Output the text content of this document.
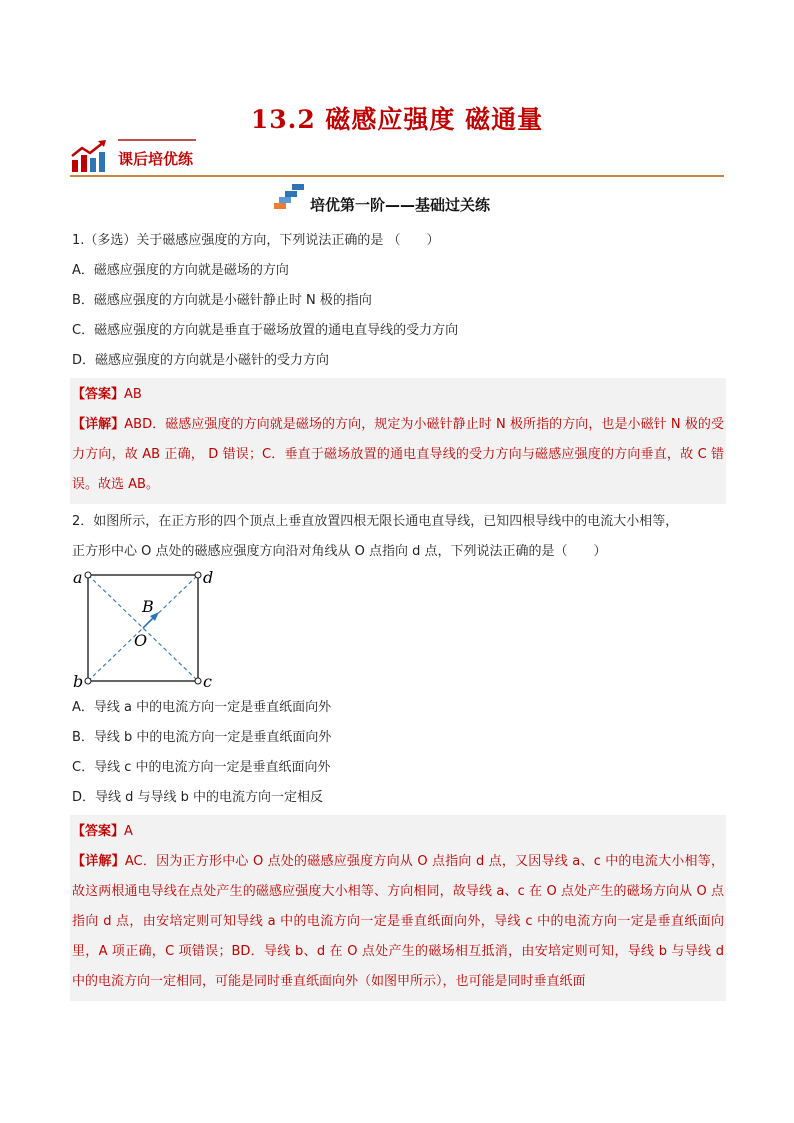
13.2 磁感应强度 磁通量
课后培优练
培优第一阶——基础过关练

1.（多选）关于磁感应强度的方向，下列说法正确的是 （　　）

A．磁感应强度的方向就是磁场的方向

B．磁感应强度的方向就是小磁针静止时 N 极的指向

C．磁感应强度的方向就是垂直于磁场放置的通电直导线的受力方向

D．磁感应强度的方向就是小磁针的受力方向

【答案】AB

【详解】ABD．磁感应强度的方向就是磁场的方向，规定为小磁针静止时 N 极所指的方向，也是小磁针 N 极的受力方向，故 AB 正确， D 错误；C．垂直于磁场放置的通电直导线的受力方向与磁感应强度的方向垂直，故 C 错误。故选 AB。

2．如图所示，在正方形的四个顶点上垂直放置四根无限长通电直导线，已知四根导线中的电流大小相等，

正方形中心 O 点处的磁感应强度方向沿对角线从 O 点指向 d 点，下列说法正确的是（　　）

a	d
b	c
B
O

A．导线 a 中的电流方向一定是垂直纸面向外

B．导线 b 中的电流方向一定是垂直纸面向外

C．导线 c 中的电流方向一定是垂直纸面向外

D．导线 d 与导线 b 中的电流方向一定相反

【答案】A

【详解】AC．因为正方形中心 O 点处的磁感应强度方向从 O 点指向 d 点，又因导线 a、c 中的电流大小相等，故这两根通电导线在点处产生的磁感应强度大小相等、方向相同，故导线 a、c 在 O 点处产生的磁场方向从 O 点指向 d 点，由安培定则可知导线 a 中的电流方向一定是垂直纸面向外，导线 c 中的电流方向一定是垂直纸面向里，A 项正确，C 项错误；BD．导线 b、d 在 O 点处产生的磁场相互抵消，由安培定则可知，导线 b 与导线 d 中的电流方向一定相同，可能是同时垂直纸面向外（如图甲所示），也可能是同时垂直纸面
